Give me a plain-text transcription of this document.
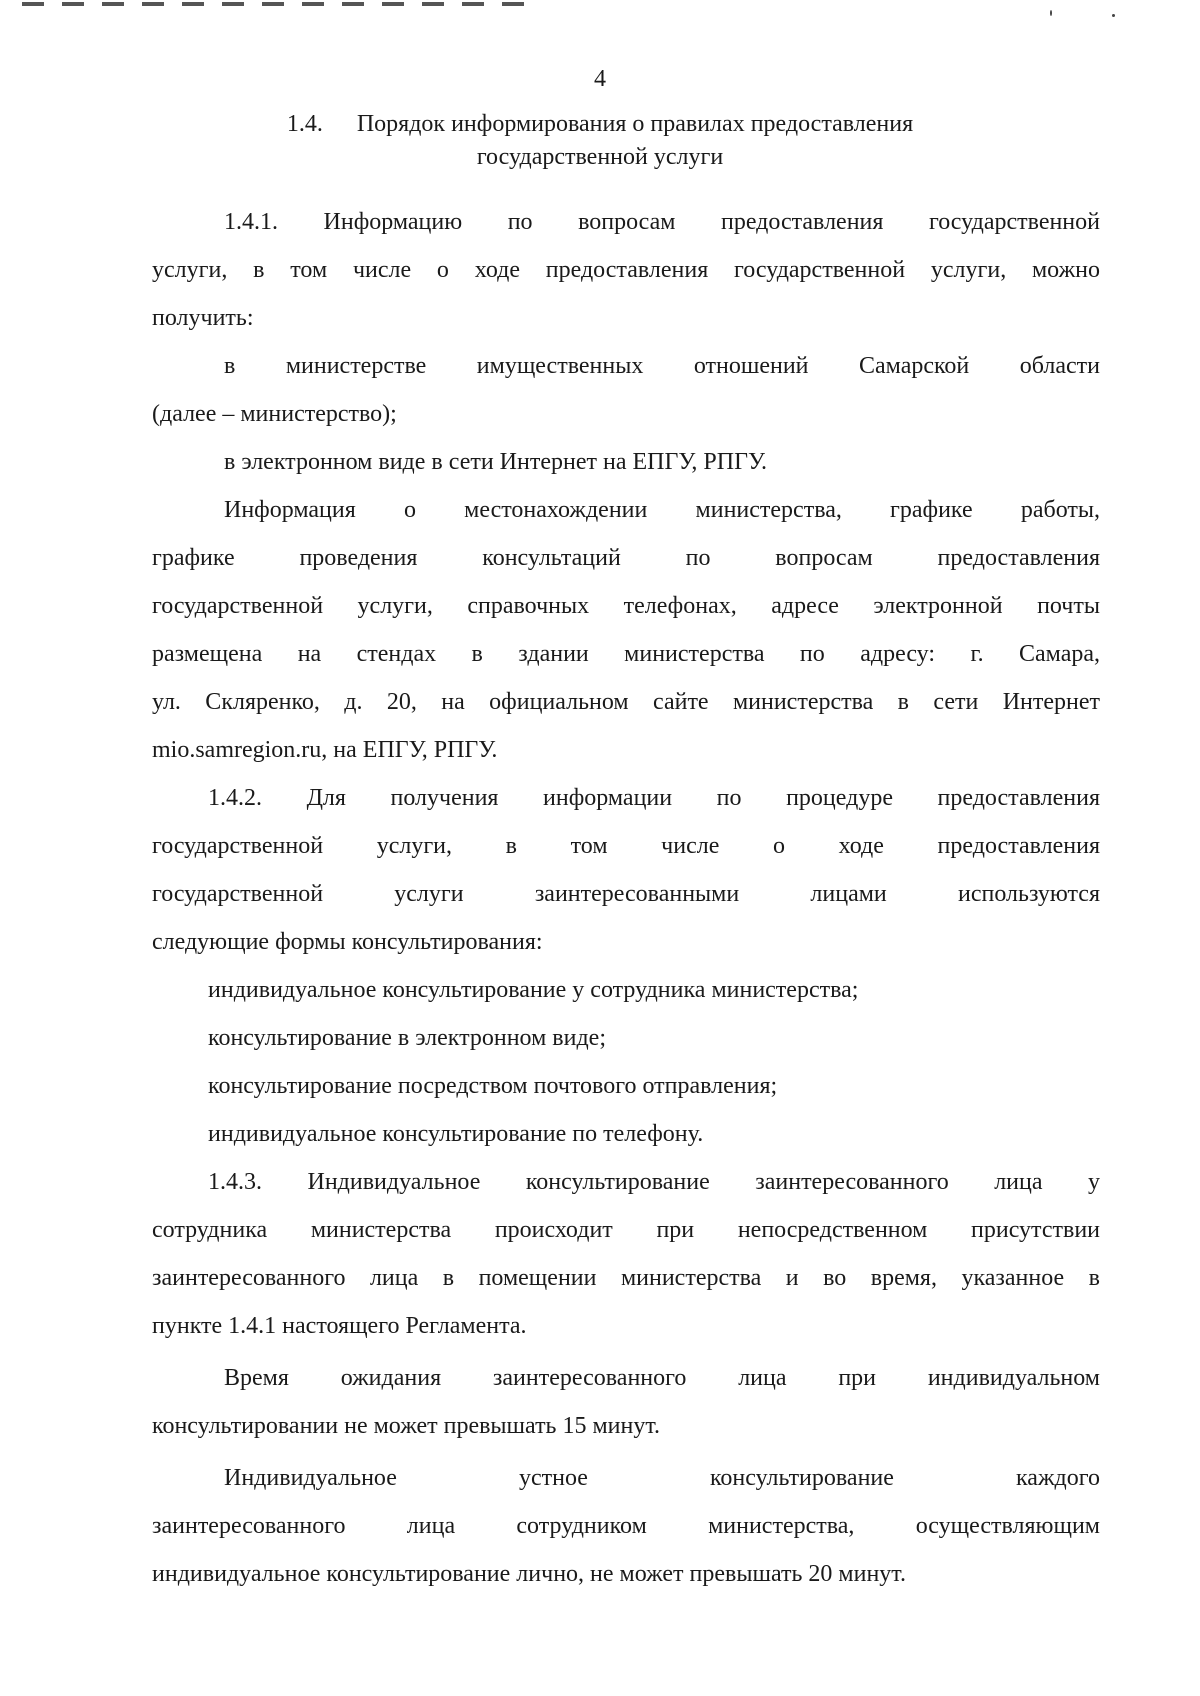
4
1.4. Порядок информирования о правилах предоставления
государственной услуги

1.4.1. Информацию по вопросам предоставления государственной

услуги, в том числе о ходе предоставления государственной услуги, можно

получить:

в министерстве имущественных отношений Самарской области

(далее – министерство);

в электронном виде в сети Интернет на ЕПГУ, РПГУ.

Информация о местонахождении министерства, графике работы,

графике проведения консультаций по вопросам предоставления

государственной услуги, справочных телефонах, адресе электронной почты

размещена на стендах в здании министерства по адресу: г. Самара,

ул. Скляренко, д. 20, на официальном сайте министерства в сети Интернет

mio.samregion.ru, на ЕПГУ, РПГУ.

1.4.2. Для получения информации по процедуре предоставления

государственной услуги, в том числе о ходе предоставления

государственной услуги заинтересованными лицами используются

следующие формы консультирования:

индивидуальное консультирование у сотрудника министерства;

консультирование в электронном виде;

консультирование посредством почтового отправления;

индивидуальное консультирование по телефону.

1.4.3. Индивидуальное консультирование заинтересованного лица у

сотрудника министерства происходит при непосредственном присутствии

заинтересованного лица в помещении министерства и во время, указанное в

пункте 1.4.1 настоящего Регламента.

Время ожидания заинтересованного лица при индивидуальном

консультировании не может превышать 15 минут.

Индивидуальное устное консультирование каждого

заинтересованного лица сотрудником министерства, осуществляющим

индивидуальное консультирование лично, не может превышать 20 минут.
